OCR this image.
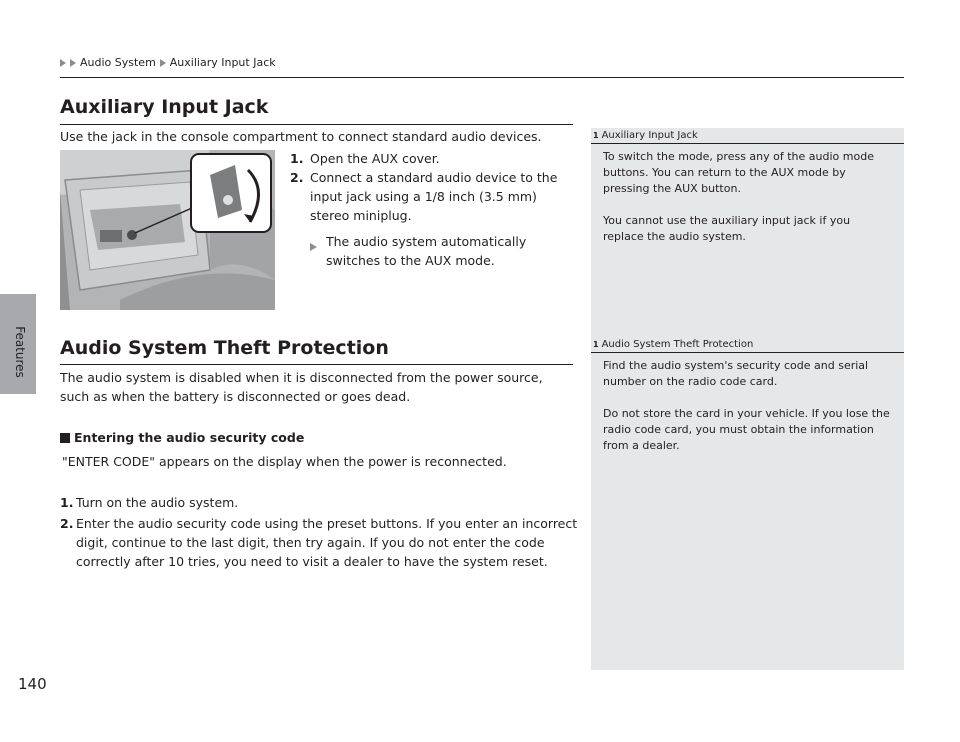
Features
Audio System Auxiliary Input Jack
Auxiliary Input Jack

Use the jack in the console compartment to connect standard audio devices.

1. Open the AUX cover.
2. Connect a standard audio device to the input jack using a 1/8 inch (3.5 mm) stereo miniplug.
The audio system automatically switches to the AUX mode.
Audio System Theft Protection

The audio system is disabled when it is disconnected from the power source, such as when the battery is disconnected or goes dead.

Entering the audio security code

"ENTER CODE" appears on the display when the power is reconnected.

1. Turn on the audio system.
2. Enter the audio security code using the preset buttons. If you enter an incorrect digit, continue to the last digit, then try again. If you do not enter the code correctly after 10 tries, you need to visit a dealer to have the system reset.
1 Auxiliary Input Jack

To switch the mode, press any of the audio mode buttons. You can return to the AUX mode by pressing the AUX button.

You cannot use the auxiliary input jack if you replace the audio system.

1 Audio System Theft Protection

Find the audio system's security code and serial number on the radio code card.

Do not store the card in your vehicle. If you lose the radio code card, you must obtain the information from a dealer.

140
